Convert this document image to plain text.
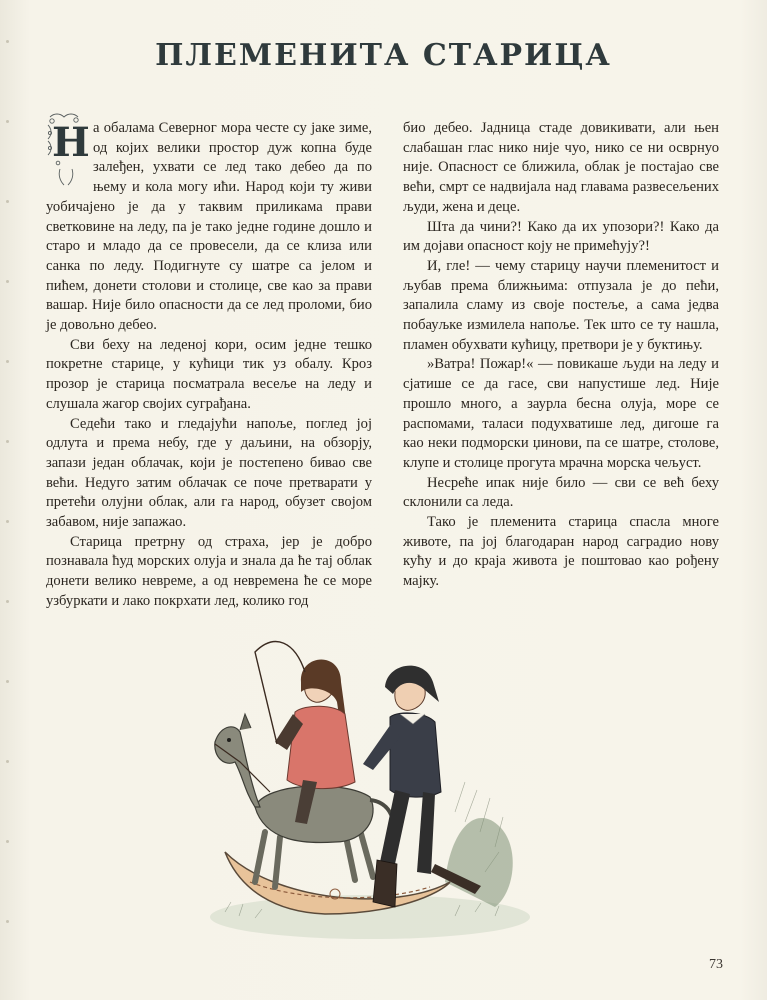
ПЛЕМЕНИТА СТАРИЦА

Н а обалама Северног мора честе су јаке зиме, од којих велики простор дуж копна буде залеђен, ухвати се лед тако дебео да по њему и кола могу ићи. Народ који ту живи уобичајено је да у таквим приликама прави светковине на леду, па је тако једне године дошло и старо и младо да се провесели, да се клиза или санка по леду. Подигнуте су шатре са јелом и пићем, донети столови и столице, све као за прави вашар. Није било опасности да се лед проломи, био је довољно дебео.

Сви беху на леденој кори, осим једне тешко покретне старице, у кућици тик уз обалу. Кроз прозор је старица посматрала весеље на леду и слушала жагор својих суграђана.

Седећи тако и гледајући напоље, поглед јој одлута и према небу, где у даљини, на обзорју, запази један облачак, који је постепено бивао све већи. Недуго затим облачак се поче претварати у претећи олујни облак, али га народ, обузет својом забавом, није запажао.

Старица претрну од страха, јер је добро познавала ћуд морских олуја и знала да ће тај облак донети велико невреме, а од невремена ће се море узбуркати и лако покрхати лед, колико год

био дебео. Јадница стаде довикивати, али њен слабашан глас нико није чуо, нико се ни осврнуо није. Опасност се ближила, облак је постајао све већи, смрт се надвијала над главама развесељених људи, жена и деце.

Шта да чини?! Како да их упозори?! Како да им дојави опасност коју не примећују?!

И, гле! — чему старицу научи племенитост и љубав према ближњима: отпузала је до пећи, запалила сламу из своје постеље, а сама једва побауљке измилела напоље. Тек што се ту нашла, пламен обухвати кућицу, претвори је у буктињу.

»Ватра! Пожар!« — повикаше људи на леду и сјатише се да гасе, сви напустише лед. Није прошло много, а заурла бесна олуја, море се распомами, таласи подухватише лед, дигоше га као неки подморски џинови, па се шатре, столове, клупе и столице прогута мрачна морска чељуст.

Несреће ипак није било — сви се већ беху склонили са леда.

Тако је племенита старица спасла многе животе, па јој благодаран народ саградио нову кућу и до краја живота је поштовао као рођену мајку.

73
